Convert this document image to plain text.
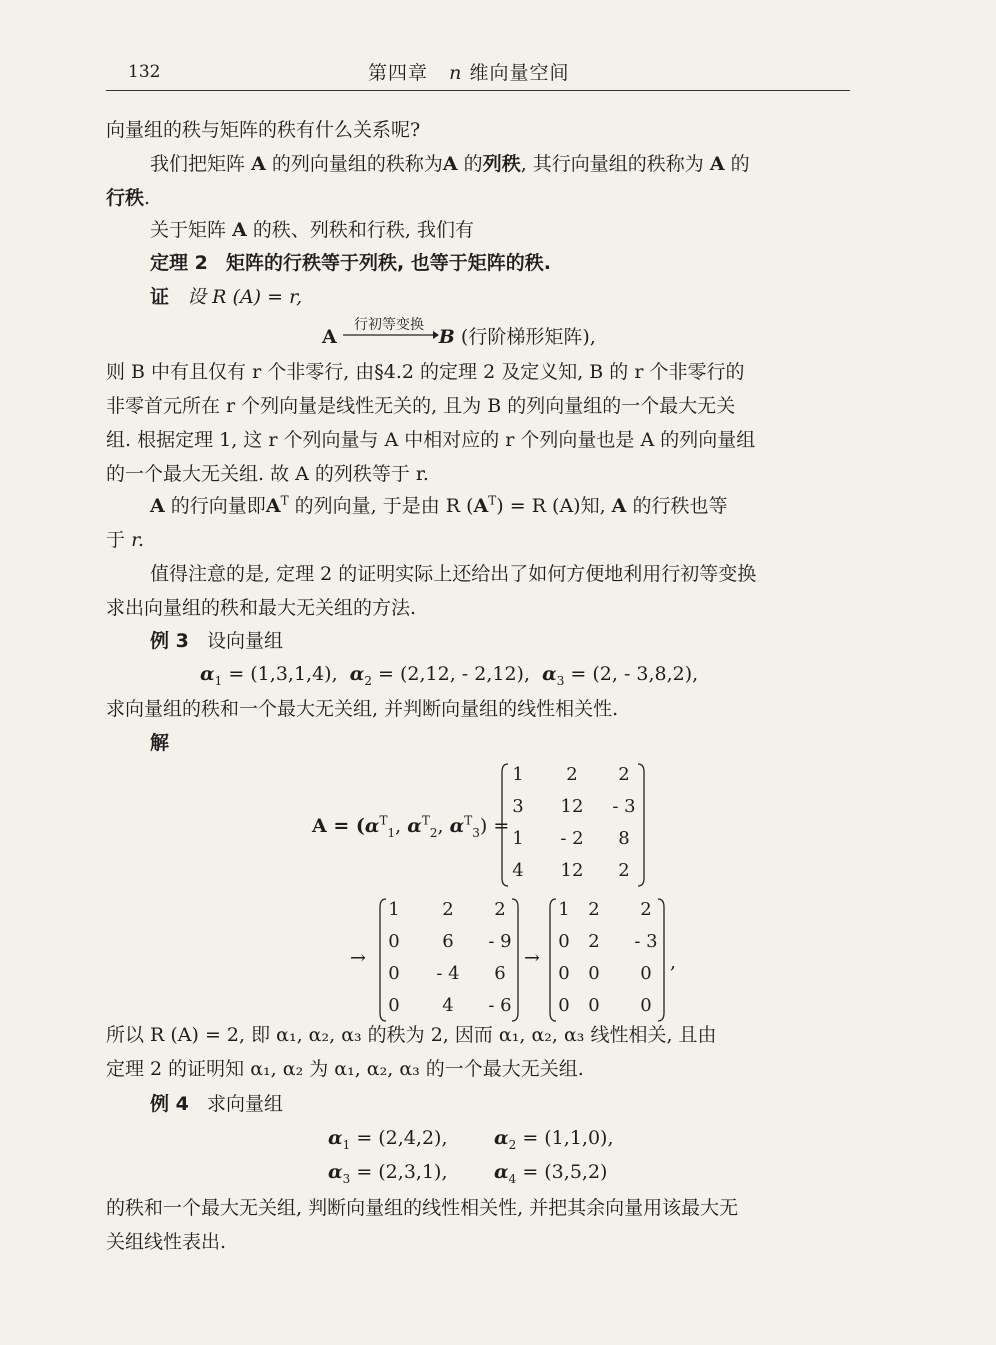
132	第四章 n 维向量空间
向量组的秩与矩阵的秩有什么关系呢?
我们把矩阵 A 的列向量组的秩称为A 的列秩, 其行向量组的秩称为 A 的
行秩.
关于矩阵 A 的秩、列秩和行秩, 我们有
定理 2 矩阵的行秩等于列秩, 也等于矩阵的秩.
证 设 R (A) = r,
A	B (行阶梯形矩阵),
行初等变换
则 B 中有且仅有 r 个非零行, 由§4.2 的定理 2 及定义知, B 的 r 个非零行的
非零首元所在 r 个列向量是线性无关的, 且为 B 的列向量组的一个最大无关
组. 根据定理 1, 这 r 个列向量与 A 中相对应的 r 个列向量也是 A 的列向量组
的一个最大无关组. 故 A 的列秩等于 r.
A 的行向量即$A^T$ 的列向量, 于是由 R $(A^T) = R$ (A)知, A 的行秩也等
于 r.
值得注意的是, 定理 2 的证明实际上还给出了如何方便地利用行初等变换
求出向量组的秩和最大无关组的方法.
例 3 设向量组
$\alpha_1 = (1,3,1,4)$, $\alpha_2 = (2,12$, - 2,12), $\alpha_3 = (2$, - 3,8,2),
求向量组的秩和一个最大无关组, 并判断向量组的线性相关性.
解
$A = (\alpha^T_1$, $\alpha^T_2$, $\alpha^T_3$) =
1	2	2
3	12	- 3
1	- 2	8
4	12	2
→
1	2	2
0	6	- 9
0	- 4	6
0	4	- 6
→
1	2	2
0	2	- 3
0	0	0
0	0	0
,
所以 R (A) = 2, 即 α₁, α₂, α₃ 的秩为 2, 因而 α₁, α₂, α₃ 线性相关, 且由
定理 2 的证明知 α₁, α₂ 为 α₁, α₂, α₃ 的一个最大无关组.
例 4 求向量组
$\alpha_1 = (2,4,2)$, $\alpha_2 = (1,1,0)$,
$\alpha_3 = (2,3,1)$, $\alpha_4 = (3,5,2)$
的秩和一个最大无关组, 判断向量组的线性相关性, 并把其余向量用该最大无
关组线性表出.
